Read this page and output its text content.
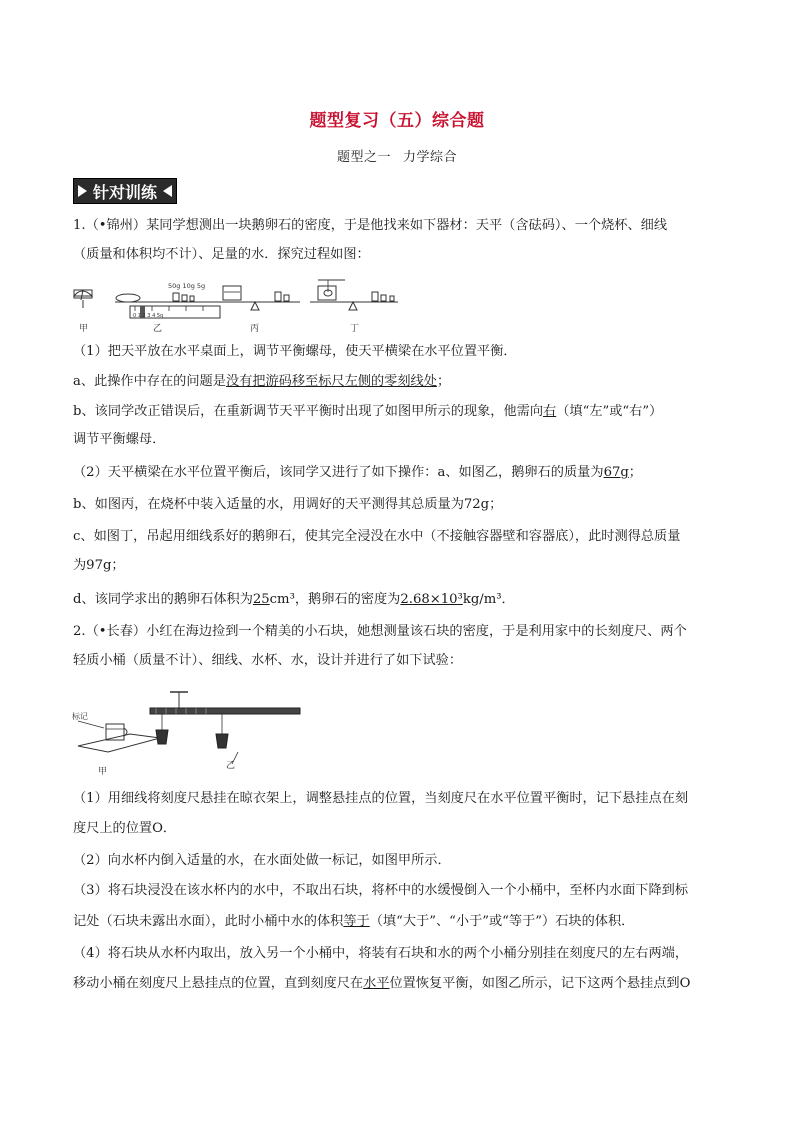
题型复习（五）综合题
题型之一 力学综合
针对训练
1.（•锦州）某同学想测出一块鹅卵石的密度，于是他找来如下器材：天平（含砝码）、一个烧杯、细线
（质量和体积均不计）、足量的水．探究过程如图：
甲
50g 10g 5g
0 1 2 3 4 5g
乙	丙	丁
（1）把天平放在水平桌面上，调节平衡螺母，使天平横梁在水平位置平衡．
a、此操作中存在的问题是没有把游码移至标尺左侧的零刻线处；
b、该同学改正错误后，在重新调节天平平衡时出现了如图甲所示的现象，他需向右（填“左”或“右”）
调节平衡螺母．
（2）天平横梁在水平位置平衡后，该同学又进行了如下操作：a、如图乙，鹅卵石的质量为67g；
b、如图丙，在烧杯中装入适量的水，用调好的天平测得其总质量为72g；
c、如图丁，吊起用细线系好的鹅卵石，使其完全浸没在水中（不接触容器壁和容器底），此时测得总质量
为97g；
d、该同学求出的鹅卵石体积为25cm³，鹅卵石的密度为2.68×10³kg/m³．
2.（•长春）小红在海边捡到一个精美的小石块，她想测量该石块的密度，于是利用家中的长刻度尺、两个
轻质小桶（质量不计）、细线、水杯、水，设计并进行了如下试验：
标记
甲
乙
（1）用细线将刻度尺悬挂在晾衣架上，调整悬挂点的位置，当刻度尺在水平位置平衡时，记下悬挂点在刻
度尺上的位置O．
（2）向水杯内倒入适量的水，在水面处做一标记，如图甲所示．
（3）将石块浸没在该水杯内的水中，不取出石块，将杯中的水缓慢倒入一个小桶中，至杯内水面下降到标
记处（石块未露出水面），此时小桶中水的体积等于（填“大于”、“小于”或“等于”）石块的体积．
（4）将石块从水杯内取出，放入另一个小桶中，将装有石块和水的两个小桶分别挂在刻度尺的左右两端，
移动小桶在刻度尺上悬挂点的位置，直到刻度尺在水平位置恢复平衡，如图乙所示，记下这两个悬挂点到O
